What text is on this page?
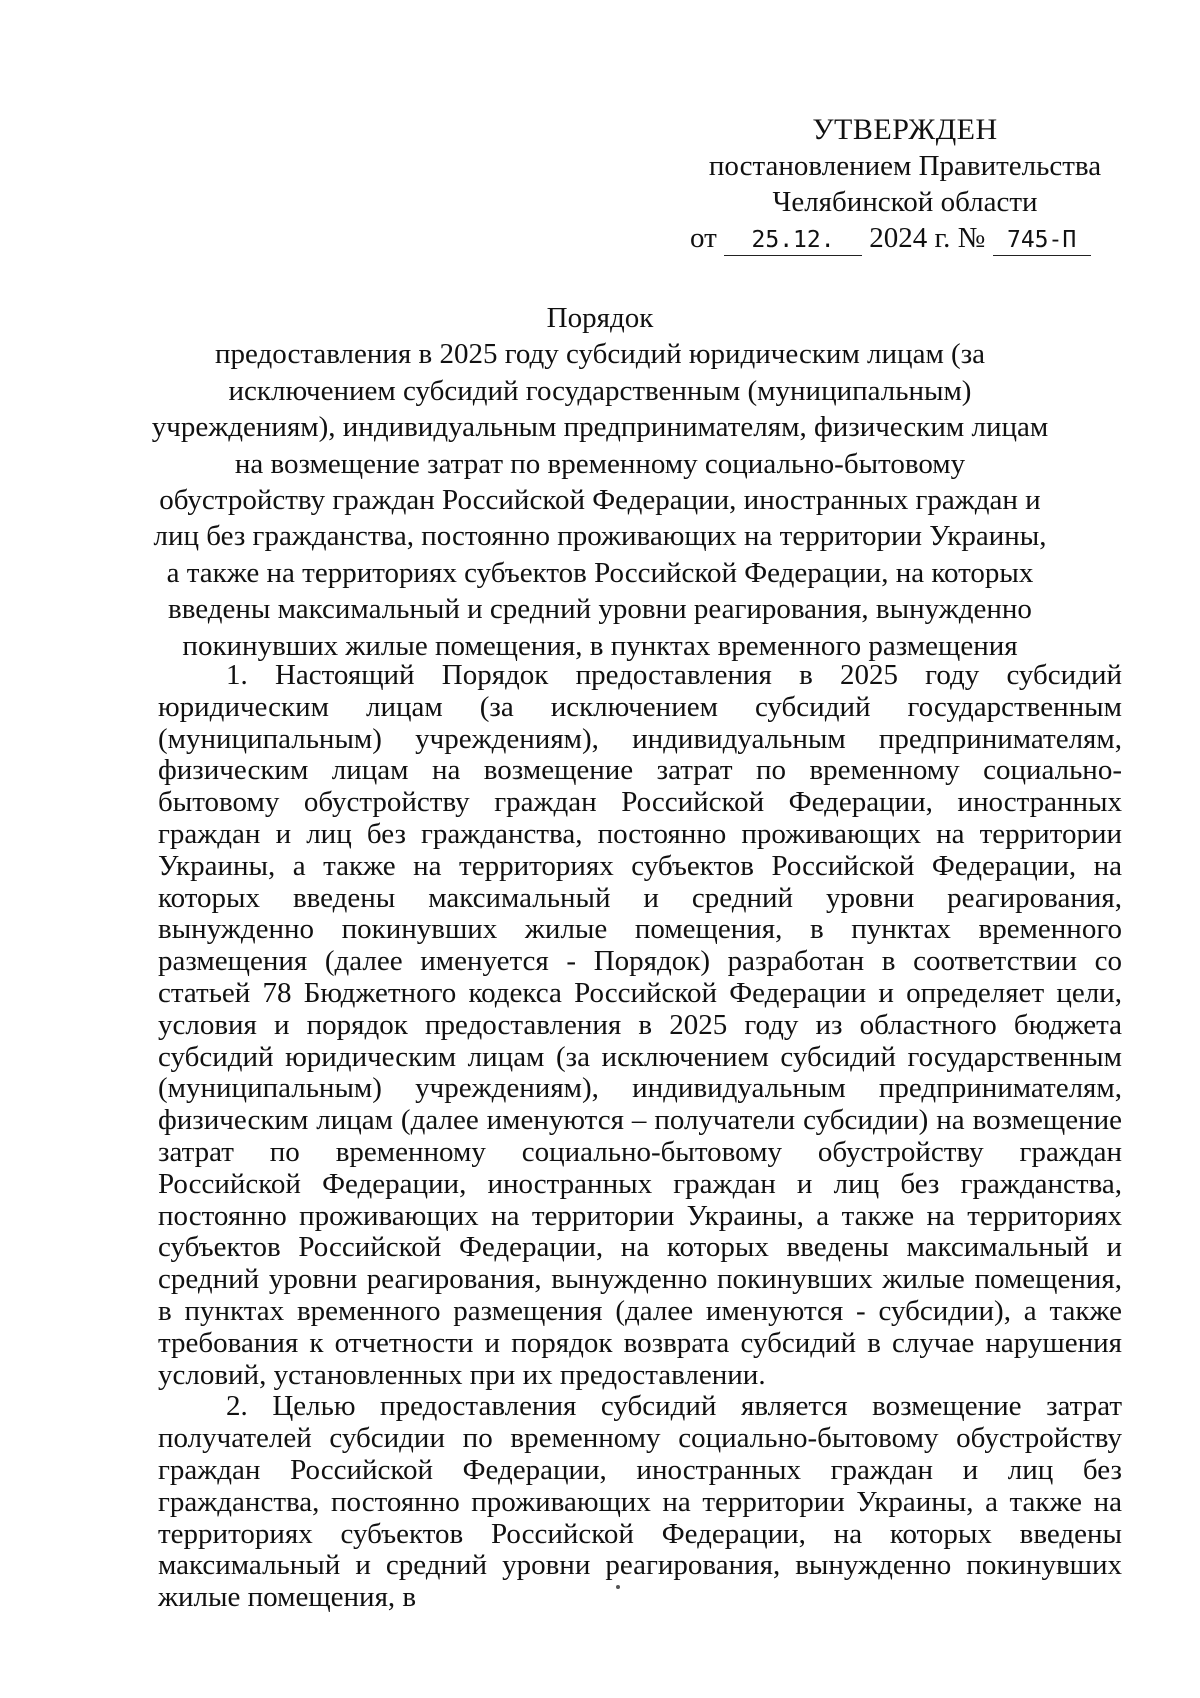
УТВЕРЖДЕН
постановлением Правительства
Челябинской области
от 25.12. 2024 г. № 745-П
Порядок
предоставления в 2025 году субсидий юридическим лицам (за исключением субсидий государственным (муниципальным) учреждениям), индивидуальным предпринимателям, физическим лицам на возмещение затрат по временному социально-бытовому обустройству граждан Российской Федерации, иностранных граждан и лиц без гражданства, постоянно проживающих на территории Украины, а также на территориях субъектов Российской Федерации, на которых введены максимальный и средний уровни реагирования, вынужденно покинувших жилые помещения, в пунктах временного размещения

1. Настоящий Порядок предоставления в 2025 году субсидий юридическим лицам (за исключением субсидий государственным (муниципальным) учреждениям), индивидуальным предпринимателям, физическим лицам на возмещение затрат по временному социально-бытовому обустройству граждан Российской Федерации, иностранных граждан и лиц без гражданства, постоянно проживающих на территории Украины, а также на территориях субъектов Российской Федерации, на которых введены максимальный и средний уровни реагирования, вынужденно покинувших жилые помещения, в пунктах временного размещения (далее именуется - Порядок) разработан в соответствии со статьей 78 Бюджетного кодекса Российской Федерации и определяет цели, условия и порядок предоставления в 2025 году из областного бюджета субсидий юридическим лицам (за исключением субсидий государственным (муниципальным) учреждениям), индивидуальным предпринимателям, физическим лицам (далее именуются – получатели субсидии) на возмещение затрат по временному социально-бытовому обустройству граждан Российской Федерации, иностранных граждан и лиц без гражданства, постоянно проживающих на территории Украины, а также на территориях субъектов Российской Федерации, на которых введены максимальный и средний уровни реагирования, вынужденно покинувших жилые помещения, в пунктах временного размещения (далее именуются - субсидии), а также требования к отчетности и порядок возврата субсидий в случае нарушения условий, установленных при их предоставлении.

2. Целью предоставления субсидий является возмещение затрат получателей субсидии по временному социально-бытовому обустройству граждан Российской Федерации, иностранных граждан и лиц без гражданства, постоянно проживающих на территории Украины, а также на территориях субъектов Российской Федерации, на которых введены максимальный и средний уровни реагирования, вынужденно покинувших жилые помещения, в
